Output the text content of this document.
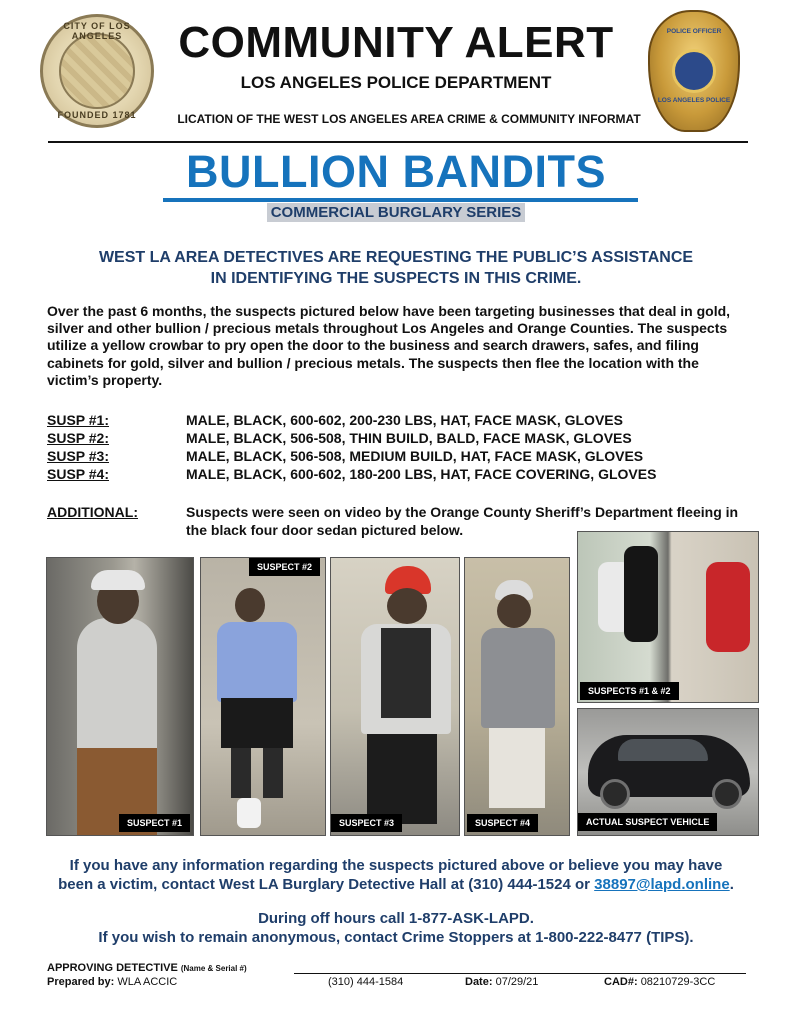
CITY OF LOS ANGELES
FOUNDED 1781
COMMUNITY ALERT
LOS ANGELES POLICE DEPARTMENT
LICATION OF THE WEST LOS ANGELES AREA CRIME & COMMUNITY INFORMAT
POLICE OFFICER
LOS ANGELES POLICE
BULLION BANDITS
COMMERCIAL BURGLARY SERIES
WEST LA AREA DETECTIVES ARE REQUESTING THE PUBLIC’S ASSISTANCE
IN IDENTIFYING THE SUSPECTS IN THIS CRIME.
Over the past 6 months, the suspects pictured below have been targeting businesses that deal in gold, silver and other bullion / precious metals throughout Los Angeles and Orange Counties. The suspects utilize a yellow crowbar to pry open the door to the business and search drawers, safes, and filing cabinets for gold, silver and bullion / precious metals. The suspects then flee the location with the victim’s property.
SUSP #1:	MALE, BLACK, 600-602, 200-230 LBS, HAT, FACE MASK, GLOVES
SUSP #2:	MALE, BLACK, 506-508, THIN BUILD, BALD, FACE MASK, GLOVES
SUSP #3:	MALE, BLACK, 506-508, MEDIUM BUILD, HAT, FACE MASK, GLOVES
SUSP #4:	MALE, BLACK, 600-602, 180-200 LBS, HAT, FACE COVERING, GLOVES
ADDITIONAL:	Suspects were seen on video by the Orange County Sheriff’s Department fleeing in the black four door sedan pictured below.
SUSPECT #1
SUSPECT #2
SUSPECT #3	SUSPECT #4
SUSPECTS #1 & #2
ACTUAL SUSPECT VEHICLE
If you have any information regarding the suspects pictured above or believe you may have
been a victim, contact West LA Burglary Detective Hall at (310) 444-1524 or 38897@lapd.online.
During off hours call 1-877-ASK-LAPD.
If you wish to remain anonymous, contact Crime Stoppers at 1-800-222-8477 (TIPS).
APPROVING DETECTIVE (Name & Serial #)
Prepared by: WLA ACCIC	(310) 444-1584	Date: 07/29/21	CAD#: 08210729-3CC
